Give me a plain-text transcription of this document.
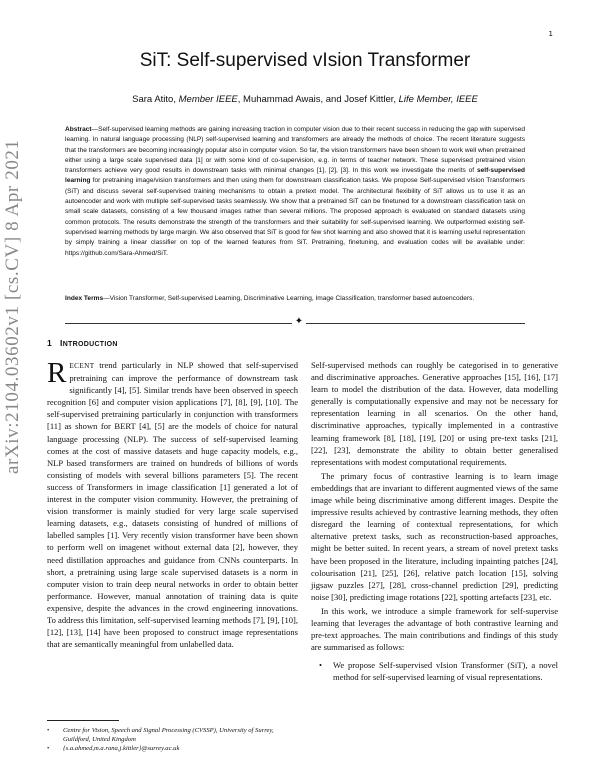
1
arXiv:2104.03602v1 [cs.CV] 8 Apr 2021
SiT: Self-supervised vIsion Transformer
Sara Atito, Member IEEE, Muhammad Awais, and Josef Kittler, Life Member, IEEE
Abstract—Self-supervised learning methods are gaining increasing traction in computer vision due to their recent success in reducing the gap with supervised learning. In natural language processing (NLP) self-supervised learning and transformers are already the methods of choice. The recent literature suggests that the transformers are becoming increasingly popular also in computer vision. So far, the vision transformers have been shown to work well when pretrained either using a large scale supervised data [1] or with some kind of co-supervision, e.g. in terms of teacher network. These supervised pretrained vision transformers achieve very good results in downstream tasks with minimal changes [1], [2], [3]. In this work we investigate the merits of self-supervised learning for pretraining image/vision transformers and then using them for downstream classification tasks. We propose Self-supervised vIsion Transformers (SiT) and discuss several self-supervised training mechanisms to obtain a pretext model. The architectural flexibility of SiT allows us to use it as an autoencoder and work with multiple self-supervised tasks seamlessly. We show that a pretrained SiT can be finetuned for a downstream classification task on small scale datasets, consisting of a few thousand images rather than several millions. The proposed approach is evaluated on standard datasets using common protocols. The results demonstrate the strength of the transformers and their suitability for self-supervised learning. We outperformed existing self-supervised learning methods by large margin. We also observed that SiT is good for few shot learning and also showed that it is learning useful representation by simply training a linear classifier on top of the learned features from SiT. Pretraining, finetuning, and evaluation codes will be available under: https://github.com/Sara-Ahmed/SiT.
Index Terms—Vision Transformer, Self-supervised Learning, Discriminative Learning, Image Classification, transformer based autoencoders.
✦
1 INTRODUCTION

RECENT trend particularly in NLP showed that self-supervised pretraining can improve the performance of downstream task significantly [4], [5]. Similar trends have been observed in speech recognition [6] and computer vision applications [7], [8], [9], [10]. The self-supervised pretraining particularly in conjunction with transformers [11] as shown for BERT [4], [5] are the models of choice for natural language processing (NLP). The success of self-supervised learning comes at the cost of massive datasets and huge capacity models, e.g., NLP based transformers are trained on hundreds of billions of words consisting of models with several billions parameters [5]. The recent success of Transformers in image classification [1] generated a lot of interest in the computer vision community. However, the pretraining of vision transformer is mainly studied for very large scale supervised learning datasets, e.g., datasets consisting of hundred of millions of labelled samples [1]. Very recently vision transformer have been shown to perform well on imagenet without external data [2], however, they need distillation approaches and guidance from CNNs counterparts. In short, a pretraining using large scale supervised datasets is a norm in computer vision to train deep neural networks in order to obtain better performance. However, manual annotation of training data is quite expensive, despite the advances in the crowd engineering innovations. To address this limitation, self-supervised learning methods [7], [9], [10], [12], [13], [14] have been proposed to construct image representations that are semantically meaningful from unlabelled data.

• Centre for Vision, Speech and Signal Processing (CVSSP), University of Surrey, Guildford, United Kingdom
• {s.a.ahmed,m.a.rana,j.kittler}@surrey.ac.uk

Self-supervised methods can roughly be categorised in to generative and discriminative approaches. Generative approaches [15], [16], [17] learn to model the distribution of the data. However, data modelling generally is computationally expensive and may not be necessary for representation learning in all scenarios. On the other hand, discriminative approaches, typically implemented in a contrastive learning framework [8], [18], [19], [20] or using pre-text tasks [21], [22], [23], demonstrate the ability to obtain better generalised representations with modest computational requirements.

The primary focus of contrastive learning is to learn image embeddings that are invariant to different augmented views of the same image while being discriminative among different images. Despite the impressive results achieved by contrastive learning methods, they often disregard the learning of contextual representations, for which alternative pretext tasks, such as reconstruction-based approaches, might be better suited. In recent years, a stream of novel pretext tasks have been proposed in the literature, including inpainting patches [24], colourisation [21], [25], [26], relative patch location [15], solving jigsaw puzzles [27], [28], cross-channel prediction [29], predicting noise [30], predicting image rotations [22], spotting artefacts [23], etc.

In this work, we introduce a simple framework for self-supervise learning that leverages the advantage of both contrastive learning and pre-text approaches. The main contributions and findings of this study are summarised as follows:

• We propose Self-supervised vIsion Transformer (SiT), a novel method for self-supervised learning of visual representations.
